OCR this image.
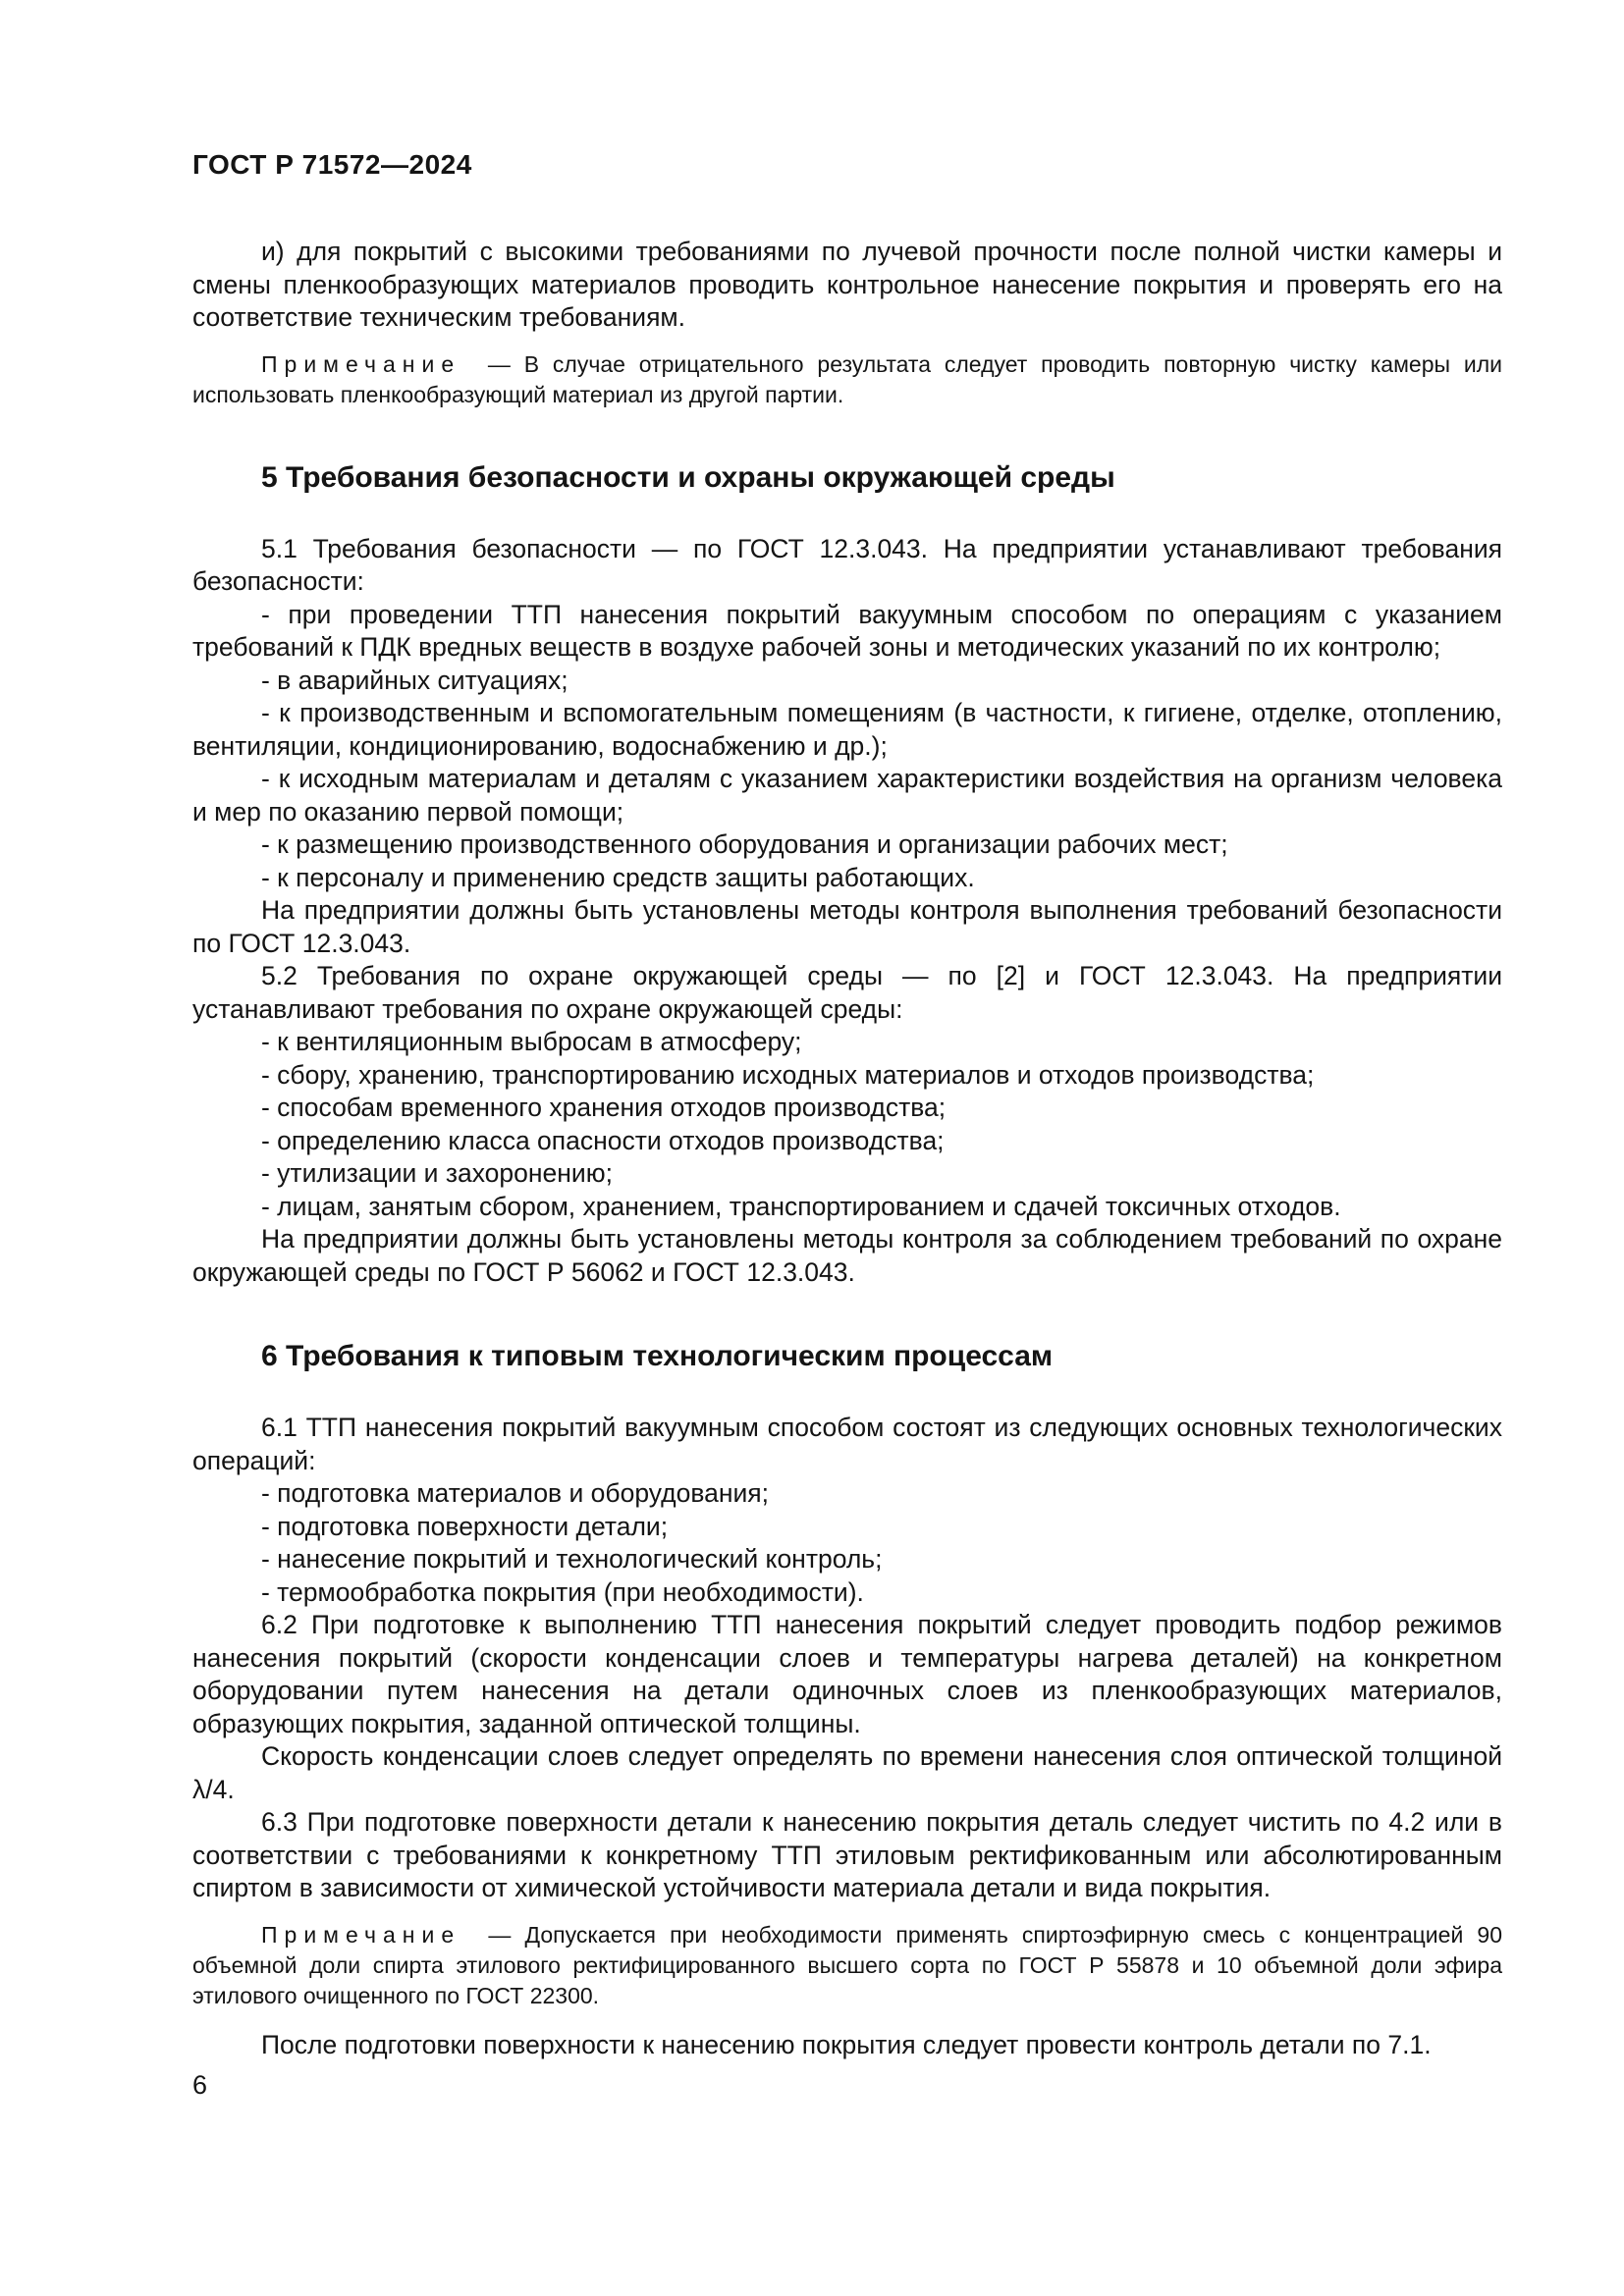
ГОСТ Р 71572—2024

и) для покрытий с высокими требованиями по лучевой прочности после полной чистки камеры и смены пленкообразующих материалов проводить контрольное нанесение покрытия и проверять его на соответствие техническим требованиям.

Примечание — В случае отрицательного результата следует проводить повторную чистку камеры или использовать пленкообразующий материал из другой партии.

5 Требования безопасности и охраны окружающей среды

5.1 Требования безопасности — по ГОСТ 12.3.043. На предприятии устанавливают требования безопасности:

- при проведении ТТП нанесения покрытий вакуумным способом по операциям с указанием требований к ПДК вредных веществ в воздухе рабочей зоны и методических указаний по их контролю;

- в аварийных ситуациях;

- к производственным и вспомогательным помещениям (в частности, к гигиене, отделке, отоплению, вентиляции, кондиционированию, водоснабжению и др.);

- к исходным материалам и деталям с указанием характеристики воздействия на организм человека и мер по оказанию первой помощи;

- к размещению производственного оборудования и организации рабочих мест;

- к персоналу и применению средств защиты работающих.

На предприятии должны быть установлены методы контроля выполнения требований безопасности по ГОСТ 12.3.043.

5.2 Требования по охране окружающей среды — по [2] и ГОСТ 12.3.043. На предприятии устанавливают требования по охране окружающей среды:

- к вентиляционным выбросам в атмосферу;

- сбору, хранению, транспортированию исходных материалов и отходов производства;

- способам временного хранения отходов производства;

- определению класса опасности отходов производства;

- утилизации и захоронению;

- лицам, занятым сбором, хранением, транспортированием и сдачей токсичных отходов.

На предприятии должны быть установлены методы контроля за соблюдением требований по охране окружающей среды по ГОСТ Р 56062 и ГОСТ 12.3.043.

6 Требования к типовым технологическим процессам

6.1 ТТП нанесения покрытий вакуумным способом состоят из следующих основных технологических операций:

- подготовка материалов и оборудования;

- подготовка поверхности детали;

- нанесение покрытий и технологический контроль;

- термообработка покрытия (при необходимости).

6.2 При подготовке к выполнению ТТП нанесения покрытий следует проводить подбор режимов нанесения покрытий (скорости конденсации слоев и температуры нагрева деталей) на конкретном оборудовании путем нанесения на детали одиночных слоев из пленкообразующих материалов, образующих покрытия, заданной оптической толщины.

Скорость конденсации слоев следует определять по времени нанесения слоя оптической толщиной λ/4.

6.3 При подготовке поверхности детали к нанесению покрытия деталь следует чистить по 4.2 или в соответствии с требованиями к конкретному ТТП этиловым ректификованным или абсолютированным спиртом в зависимости от химической устойчивости материала детали и вида покрытия.

Примечание — Допускается при необходимости применять спиртоэфирную смесь с концентрацией 90 объемной доли спирта этилового ректифицированного высшего сорта по ГОСТ Р 55878 и 10 объемной доли эфира этилового очищенного по ГОСТ 22300.

После подготовки поверхности к нанесению покрытия следует провести контроль детали по 7.1.

6
